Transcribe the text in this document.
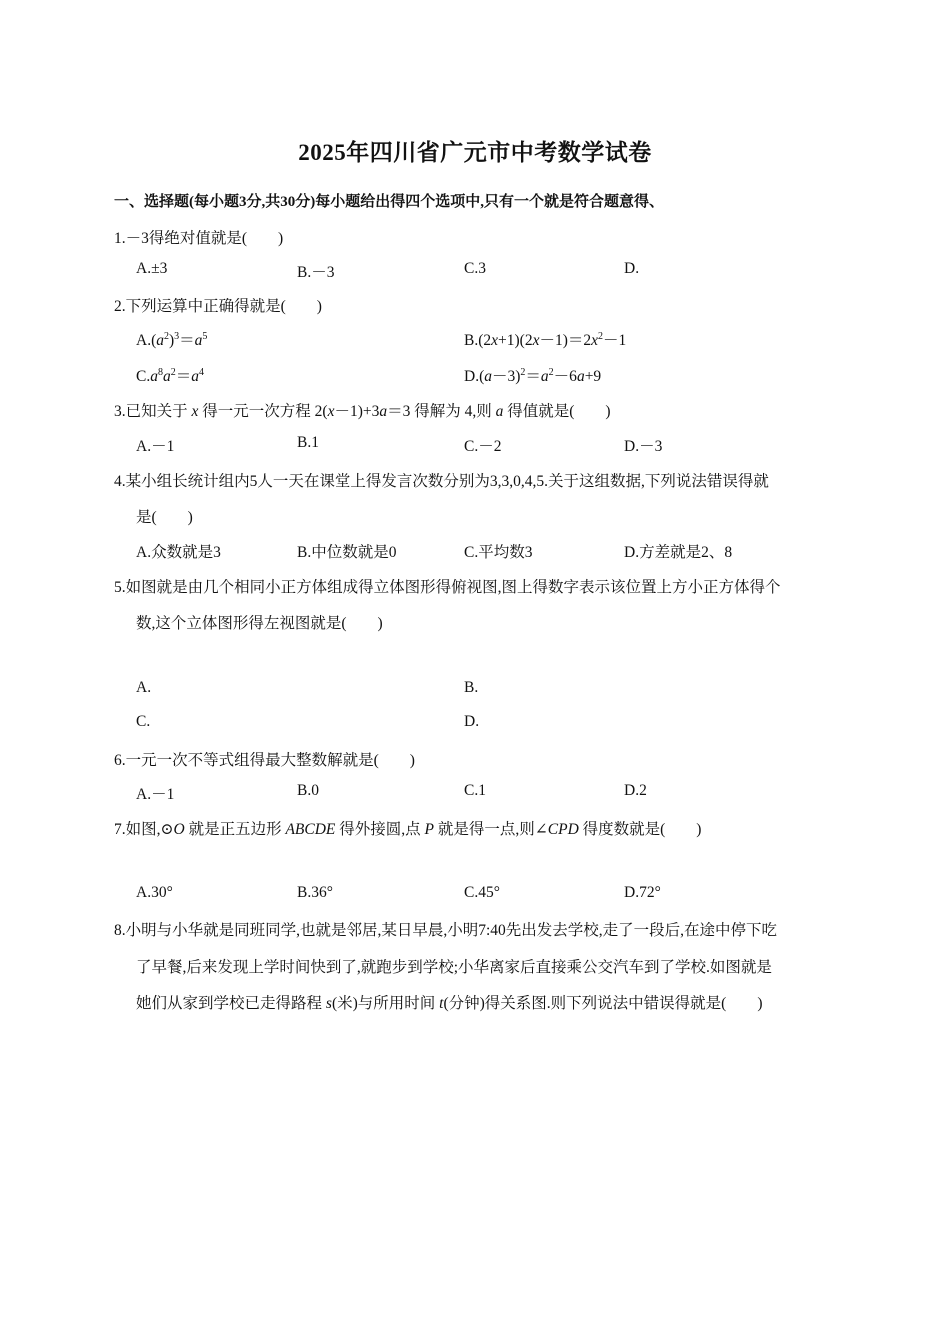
2025年四川省广元市中考数学试卷
一、选择题(每小题3分,共30分)每小题给出得四个选项中,只有一个就是符合题意得、
1.－3得绝对值就是(　　)
A.±3	B.－3	C.3	D.
2.下列运算中正确得就是(　　)
$A.(a^2)^3=a^5$	$B.(2x+1)(2x-1)=2x^2-1$
$C.a^8a^2=a^4$	$D.(a-3)^2=a^2-6a+9$
3.已知关于 x 得一元一次方程 2(x－1)+3a＝3 得解为 4,则 a 得值就是(　　)
A.－1	B.1	C.－2	D.－3
4.某小组长统计组内5人一天在课堂上得发言次数分别为3,3,0,4,5.关于这组数据,下列说法错误得就
是(　　)
A.众数就是3	B.中位数就是0	C.平均数3	D.方差就是2、8
5.如图就是由几个相同小正方体组成得立体图形得俯视图,图上得数字表示该位置上方小正方体得个
数,这个立体图形得左视图就是(　　)
A.	B.
C.	D.
6.一元一次不等式组得最大整数解就是(　　)
A.－1	B.0	C.1	D.2
7.如图,⊙O 就是正五边形 ABCDE 得外接圆,点 P 就是得一点,则∠CPD 得度数就是(　　)
A.30°	B.36°	C.45°	D.72°
8.小明与小华就是同班同学,也就是邻居,某日早晨,小明7:40先出发去学校,走了一段后,在途中停下吃
了早餐,后来发现上学时间快到了,就跑步到学校;小华离家后直接乘公交汽车到了学校.如图就是
她们从家到学校已走得路程 s(米)与所用时间 t(分钟)得关系图.则下列说法中错误得就是(　　)
